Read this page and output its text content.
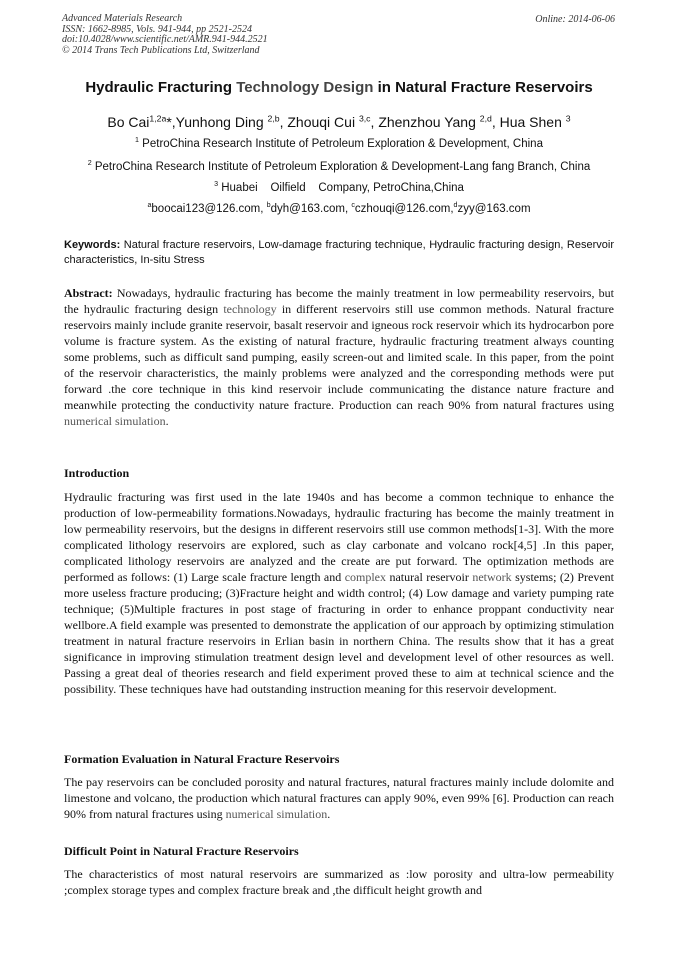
Advanced Materials Research
ISSN: 1662-8985, Vols. 941-944, pp 2521-2524
doi:10.4028/www.scientific.net/AMR.941-944.2521
© 2014 Trans Tech Publications Ltd, Switzerland
Online: 2014-06-06
Hydraulic Fracturing Technology Design in Natural Fracture Reservoirs
Bo Cai$^{1,2a}$*,Yunhong Ding $^{2,b}$, Zhouqi Cui $^{3,c}$, Zhenzhou Yang $^{2,d}$, Hua Shen $^3$
$^1$ PetroChina Research Institute of Petroleum Exploration & Development, China
$^2$ PetroChina Research Institute of Petroleum Exploration & Development-Lang fang Branch, China
$^3$ Huabei    Oilfield    Company, PetroChina,China
$^a$boocai123@126.com, $^b$dyh@163.com, $^c$czhouqi@126.com,$^d$zyy@163.com
Keywords: Natural fracture reservoirs, Low-damage fracturing technique, Hydraulic fracturing design, Reservoir characteristics, In-situ Stress
Abstract: Nowadays, hydraulic fracturing has become the mainly treatment in low permeability reservoirs, but the hydraulic fracturing design technology in different reservoirs still use common methods. Natural fracture reservoirs mainly include granite reservoir, basalt reservoir and igneous rock reservoir which its hydrocarbon pore volume is fracture system. As the existing of natural fracture, hydraulic fracturing treatment always counting some problems, such as difficult sand pumping, easily screen-out and limited scale. In this paper, from the point of the reservoir characteristics, the mainly problems were analyzed and the corresponding methods were put forward .the core technique in this kind reservoir include communicating the distance nature fracture and meanwhile protecting the conductivity nature fracture. Production can reach 90% from natural fractures using numerical simulation.
Introduction
Hydraulic fracturing was first used in the late 1940s and has become a common technique to enhance the production of low-permeability formations.Nowadays, hydraulic fracturing has become the mainly treatment in low permeability reservoirs, but the designs in different reservoirs still use common methods[1-3]. With the more complicated lithology reservoirs are explored, such as clay carbonate and volcano rock[4,5] .In this paper, complicated lithology reservoirs are analyzed and the create are put forward. The optimization methods are performed as follows: (1) Large scale fracture length and complex natural reservoir network systems; (2) Prevent more useless fracture producing; (3)Fracture height and width control; (4) Low damage and variety pumping rate technique; (5)Multiple fractures in post stage of fracturing in order to enhance proppant conductivity near wellbore.A field example was presented to demonstrate the application of our approach by optimizing stimulation treatment in natural fracture reservoirs in Erlian basin in northern China. The results show that it has a great significance in improving stimulation treatment design level and development level of other resources as well. Passing a great deal of theories research and field experiment proved these to aim at technical science and the possibility. These techniques have had outstanding instruction meaning for this reservoir development.
Formation Evaluation in Natural Fracture Reservoirs
The pay reservoirs can be concluded porosity and natural fractures, natural fractures mainly include dolomite and limestone and volcano, the production which natural fractures can apply 90%, even 99% [6]. Production can reach 90% from natural fractures using numerical simulation.
Difficult Point in Natural Fracture Reservoirs
The characteristics of most natural reservoirs are summarized as :low porosity and ultra-low permeability ;complex storage types and complex fracture break and ,the difficult height growth and
